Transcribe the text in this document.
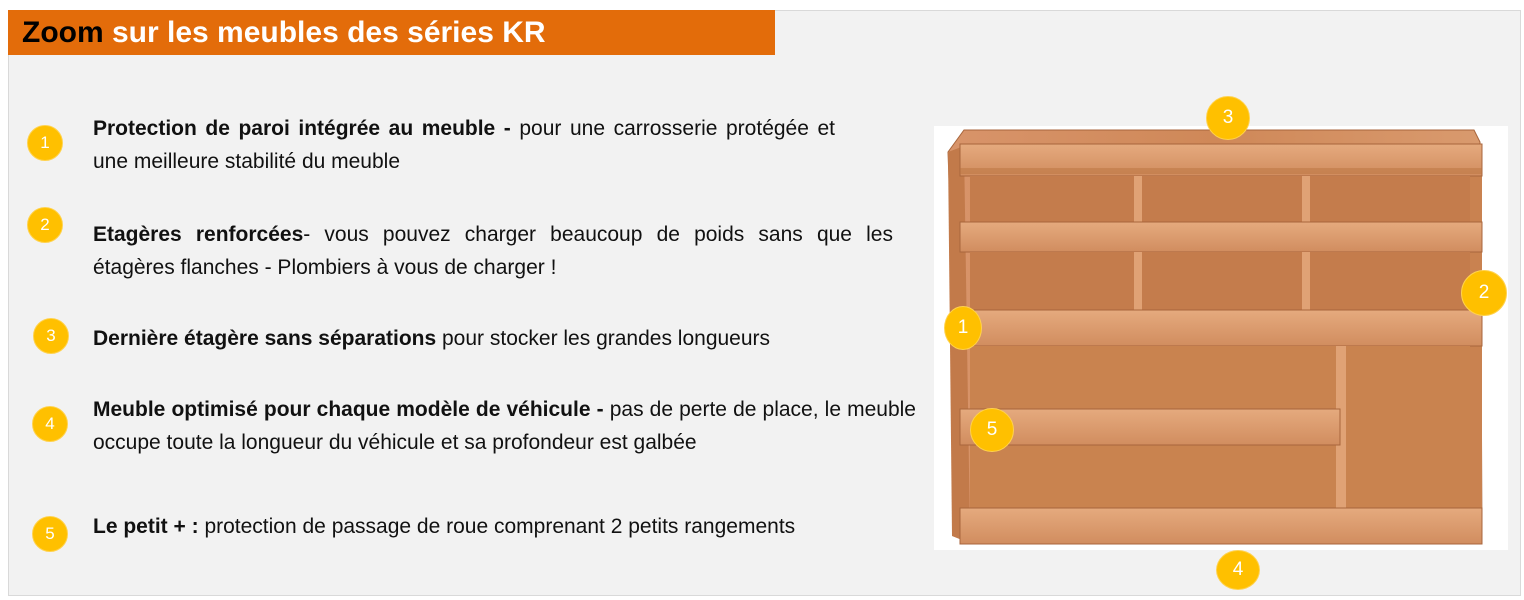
Zoom sur les meubles des séries KR
1
2
3
4
5
Protection de paroi intégrée au meuble - pour une carrosserie protégée et une meilleure stabilité du meuble
Etagères renforcées- vous pouvez charger beaucoup de poids sans que les étagères flanches - Plombiers à vous de charger !
Dernière étagère sans séparations pour stocker les grandes longueurs
Meuble optimisé pour chaque modèle de véhicule - pas de perte de place, le meuble occupe toute la longueur du véhicule et sa profondeur est galbée
Le petit + : protection de passage de roue comprenant 2 petits rangements
3
2
1
5
4
